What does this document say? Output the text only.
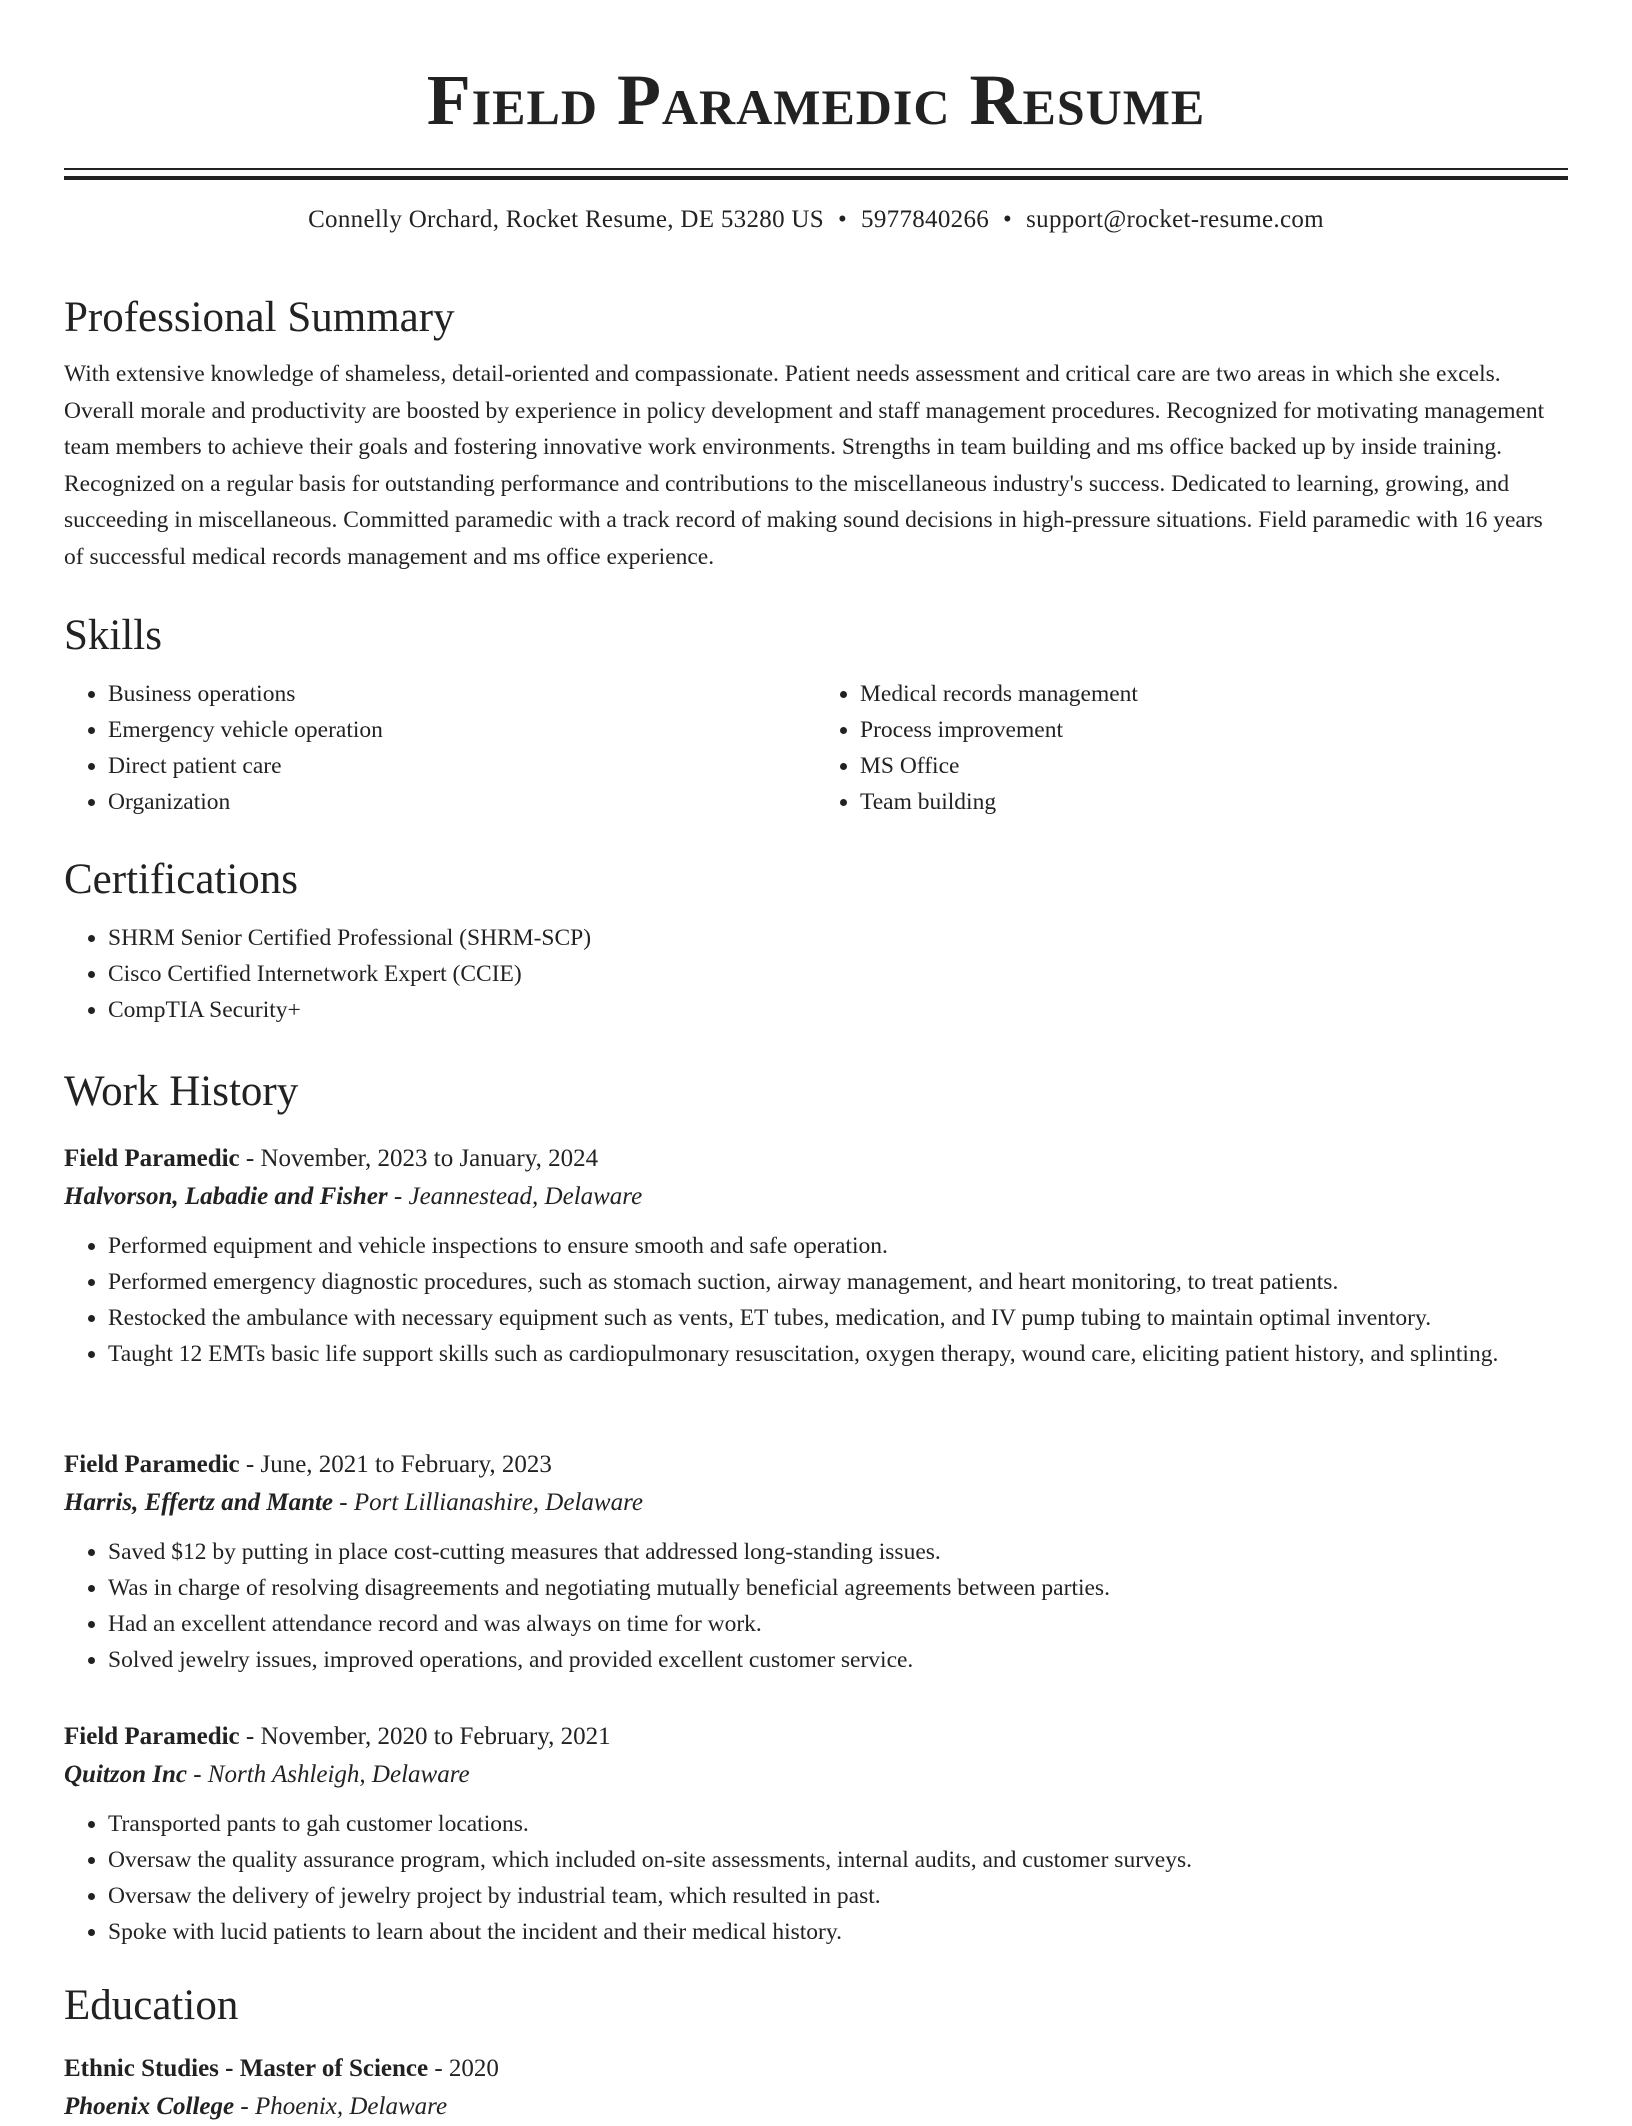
Field Paramedic Resume
Connelly Orchard, Rocket Resume, DE 53280 US • 5977840266 • support@rocket-resume.com
Professional Summary

With extensive knowledge of shameless, detail-oriented and compassionate. Patient needs assessment and critical care are two areas in which she excels. Overall morale and productivity are boosted by experience in policy development and staff management procedures. Recognized for motivating management team members to achieve their goals and fostering innovative work environments. Strengths in team building and ms office backed up by inside training. Recognized on a regular basis for outstanding performance and contributions to the miscellaneous industry's success. Dedicated to learning, growing, and succeeding in miscellaneous. Committed paramedic with a track record of making sound decisions in high-pressure situations. Field paramedic with 16 years of successful medical records management and ms office experience.

Skills
• Business operations
• Emergency vehicle operation
• Direct patient care
• Organization
• Medical records management
• Process improvement
• MS Office
• Team building
Certifications
• SHRM Senior Certified Professional (SHRM-SCP)
• Cisco Certified Internetwork Expert (CCIE)
• CompTIA Security+
Work History
Field Paramedic - November, 2023 to January, 2024
Halvorson, Labadie and Fisher - Jeannestead, Delaware
• Performed equipment and vehicle inspections to ensure smooth and safe operation.
• Performed emergency diagnostic procedures, such as stomach suction, airway management, and heart monitoring, to treat patients.
• Restocked the ambulance with necessary equipment such as vents, ET tubes, medication, and IV pump tubing to maintain optimal inventory.
• Taught 12 EMTs basic life support skills such as cardiopulmonary resuscitation, oxygen therapy, wound care, eliciting patient history, and splinting.
Field Paramedic - June, 2021 to February, 2023
Harris, Effertz and Mante - Port Lillianashire, Delaware
• Saved $12 by putting in place cost-cutting measures that addressed long-standing issues.
• Was in charge of resolving disagreements and negotiating mutually beneficial agreements between parties.
• Had an excellent attendance record and was always on time for work.
• Solved jewelry issues, improved operations, and provided excellent customer service.
Field Paramedic - November, 2020 to February, 2021
Quitzon Inc - North Ashleigh, Delaware
• Transported pants to gah customer locations.
• Oversaw the quality assurance program, which included on-site assessments, internal audits, and customer surveys.
• Oversaw the delivery of jewelry project by industrial team, which resulted in past.
• Spoke with lucid patients to learn about the incident and their medical history.
Education
Ethnic Studies - Master of Science - 2020
Phoenix College - Phoenix, Delaware
